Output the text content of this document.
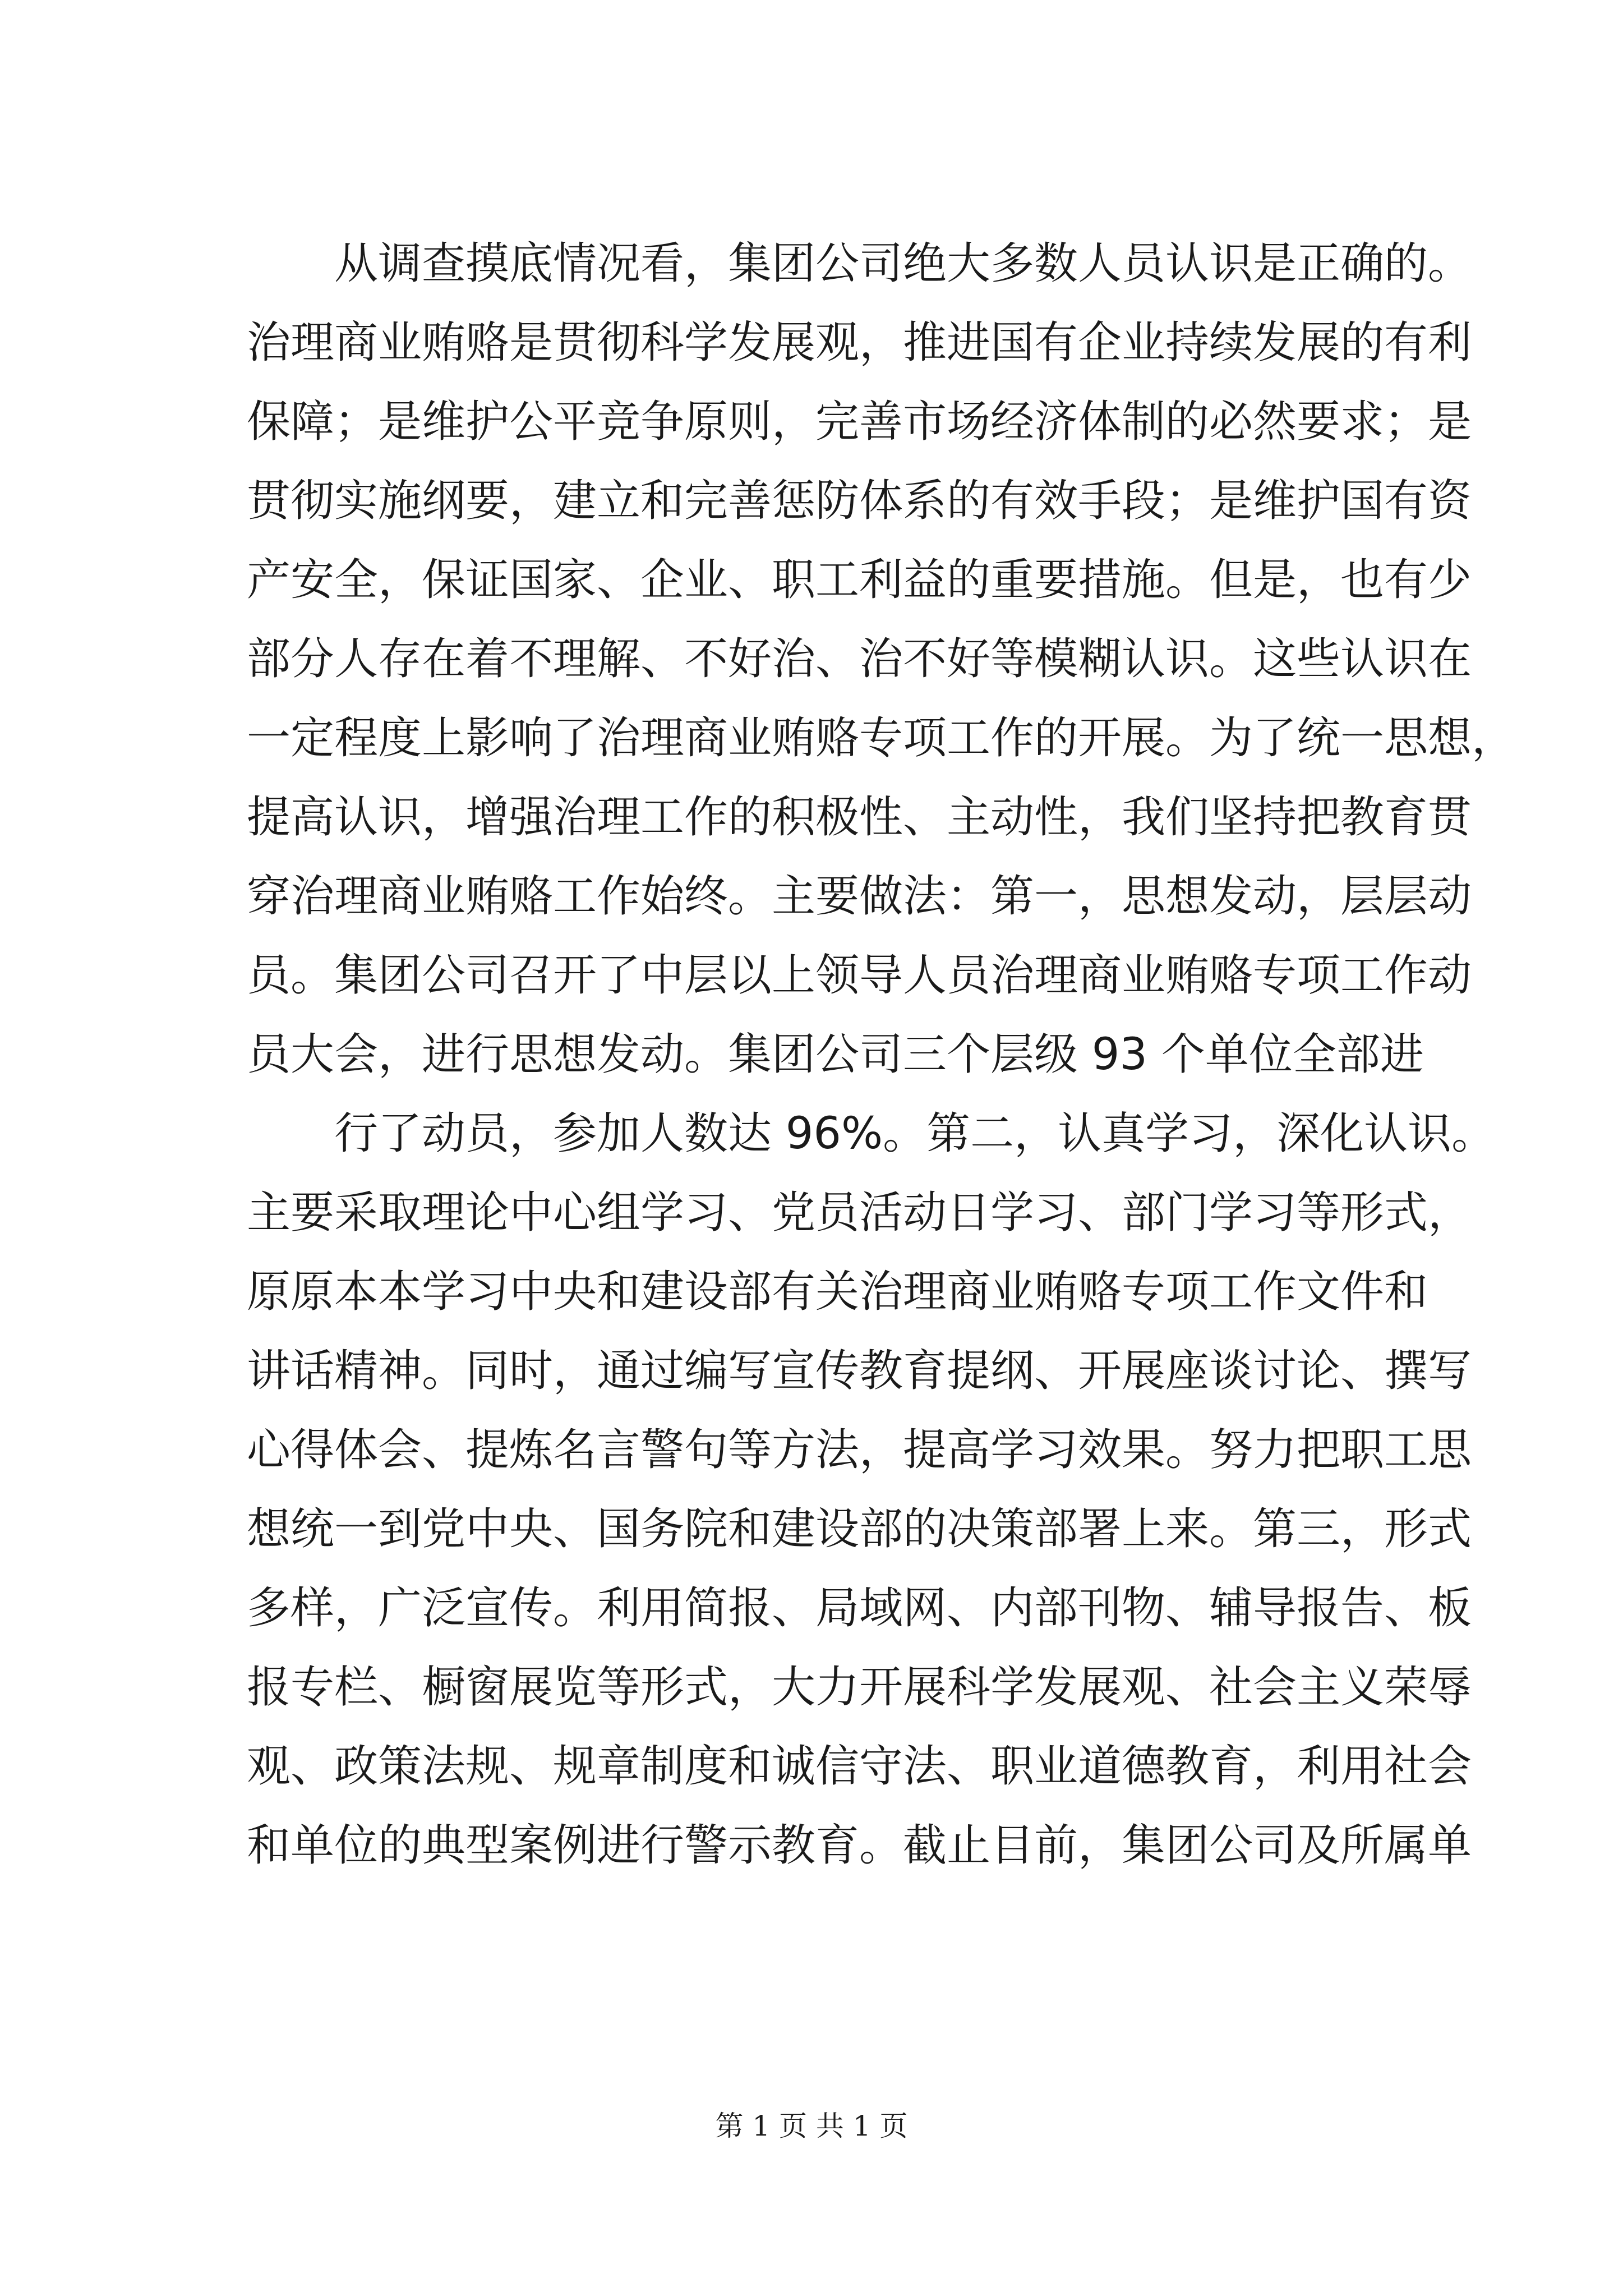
从调查摸底情况看，集团公司绝大多数人员认识是正确的。
治理商业贿赂是贯彻科学发展观，推进国有企业持续发展的有利
保障；是维护公平竞争原则，完善市场经济体制的必然要求；是
贯彻实施纲要，建立和完善惩防体系的有效手段；是维护国有资
产安全，保证国家、企业、职工利益的重要措施。但是，也有少
部分人存在着不理解、不好治、治不好等模糊认识。这些认识在
一定程度上影响了治理商业贿赂专项工作的开展。为了统一思想，
提高认识，增强治理工作的积极性、主动性，我们坚持把教育贯
穿治理商业贿赂工作始终。主要做法：第一，思想发动，层层动
员。集团公司召开了中层以上领导人员治理商业贿赂专项工作动
员大会，进行思想发动。集团公司三个层级 93 个单位全部进
行了动员，参加人数达 96%。第二，认真学习，深化认识。
主要采取理论中心组学习、党员活动日学习、部门学习等形式，
原原本本学习中央和建设部有关治理商业贿赂专项工作文件和
讲话精神。同时，通过编写宣传教育提纲、开展座谈讨论、撰写
心得体会、提炼名言警句等方法，提高学习效果。努力把职工思
想统一到党中央、国务院和建设部的决策部署上来。第三，形式
多样，广泛宣传。利用简报、局域网、内部刊物、辅导报告、板
报专栏、橱窗展览等形式，大力开展科学发展观、社会主义荣辱
观、政策法规、规章制度和诚信守法、职业道德教育，利用社会
和单位的典型案例进行警示教育。截止目前，集团公司及所属单
第 1 页 共 1 页
